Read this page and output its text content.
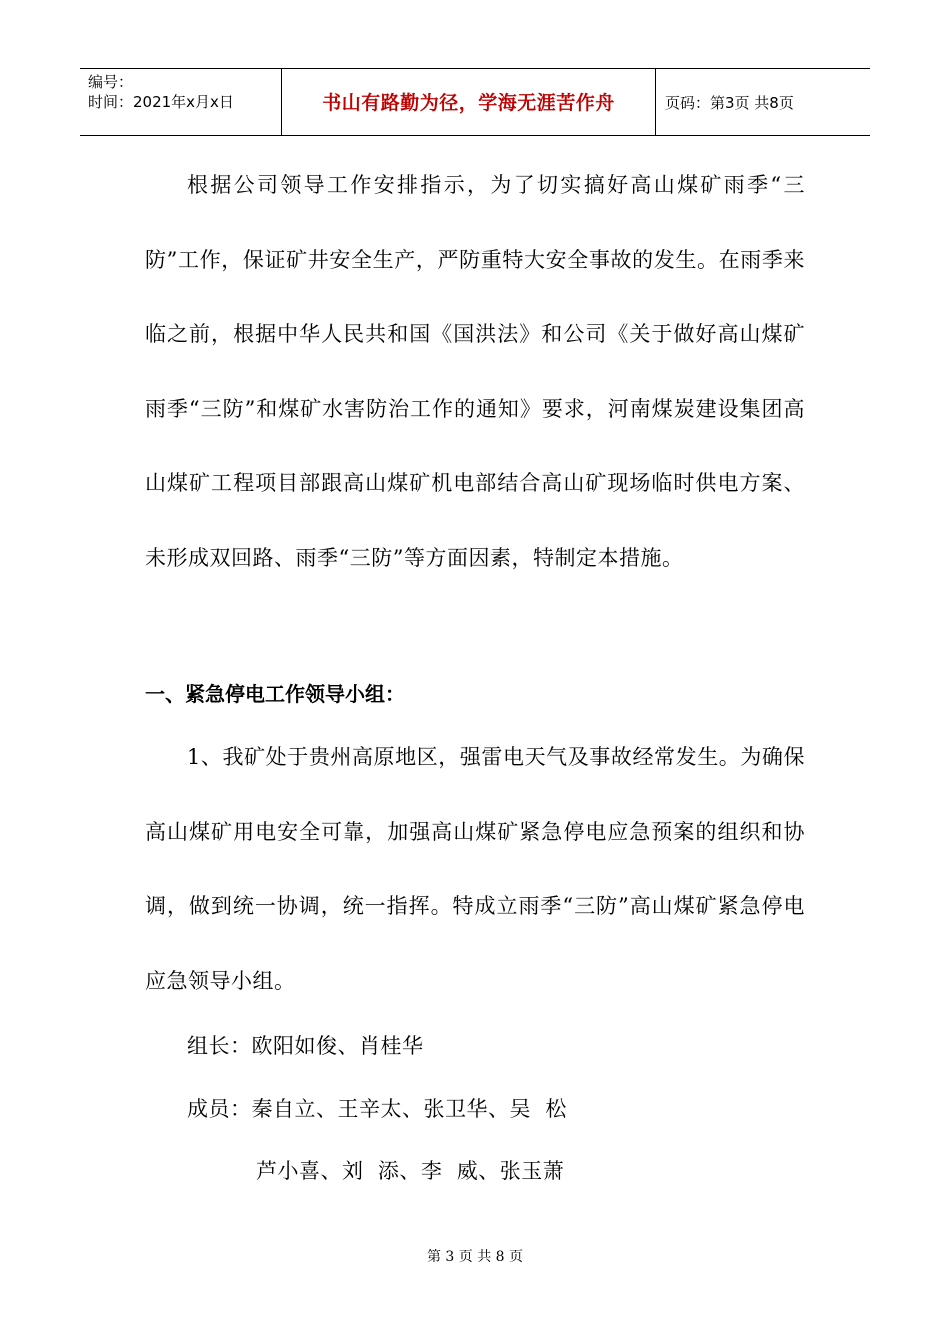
编号：
时间：2021年x月x日	书山有路勤为径，学海无涯苦作舟	页码：第3页 共8页

根据公司领导工作安排指示，为了切实搞好高山煤矿雨季“三防”工作，保证矿井安全生产，严防重特大安全事故的发生。在雨季来临之前，根据中华人民共和国《国洪法》和公司《关于做好高山煤矿雨季“三防”和煤矿水害防治工作的通知》要求，河南煤炭建设集团高山煤矿工程项目部跟高山煤矿机电部结合高山矿现场临时供电方案、未形成双回路、雨季“三防”等方面因素，特制定本措施。

一、紧急停电工作领导小组：

1、我矿处于贵州高原地区，强雷电天气及事故经常发生。为确保高山煤矿用电安全可靠，加强高山煤矿紧急停电应急预案的组织和协调，做到统一协调，统一指挥。特成立雨季“三防”高山煤矿紧急停电应急领导小组。

组长：欧阳如俊、肖桂华
成员：秦自立、王辛太、张卫华、吴  松
芦小喜、刘  添、李  威、张玉萧
第 3 页 共 8 页
